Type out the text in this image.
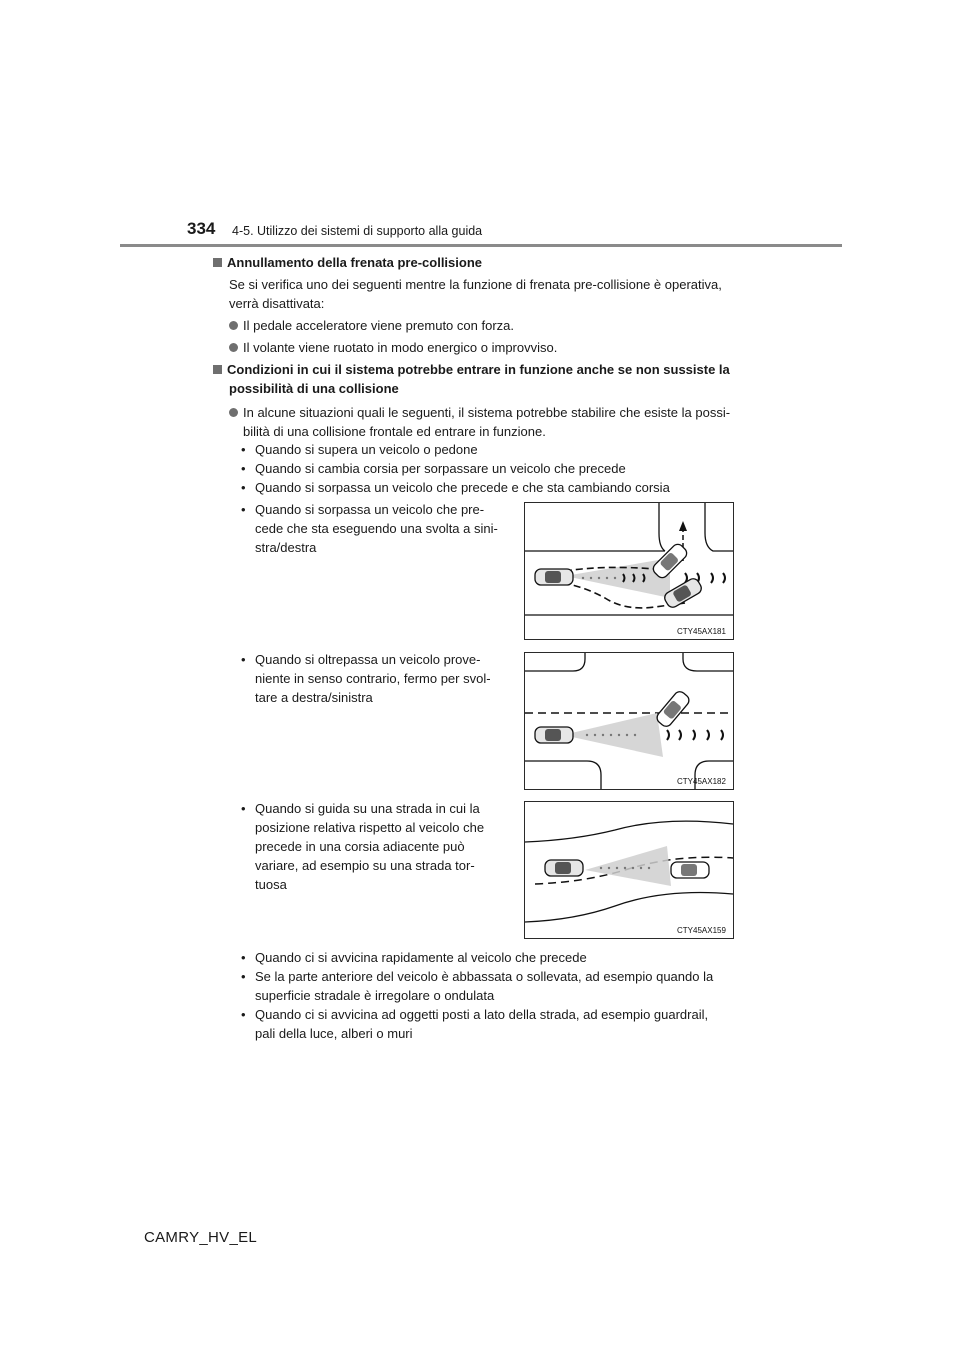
334 4-5. Utilizzo dei sistemi di supporto alla guida
Annullamento della frenata pre-collisione
Se si verifica uno dei seguenti mentre la funzione di frenata pre-collisione è operativa,
verrà disattivata:
Il pedale acceleratore viene premuto con forza.
Il volante viene ruotato in modo energico o improvviso.
Condizioni in cui il sistema potrebbe entrare in funzione anche se non sussiste la
possibilità di una collisione
In alcune situazioni quali le seguenti, il sistema potrebbe stabilire che esiste la possi-
bilità di una collisione frontale ed entrare in funzione.
• Quando si supera un veicolo o pedone
• Quando si cambia corsia per sorpassare un veicolo che precede
• Quando si sorpassa un veicolo che precede e che sta cambiando corsia
• Quando si sorpassa un veicolo che pre-
cede che sta eseguendo una svolta a sini-
stra/destra
CTY45AX181
• Quando si oltrepassa un veicolo prove-
niente in senso contrario, fermo per svol-
tare a destra/sinistra
CTY45AX182
• Quando si guida su una strada in cui la
posizione relativa rispetto al veicolo che
precede in una corsia adiacente può
variare, ad esempio su una strada tor-
tuosa
CTY45AX159
• Quando ci si avvicina rapidamente al veicolo che precede
• Se la parte anteriore del veicolo è abbassata o sollevata, ad esempio quando la
superficie stradale è irregolare o ondulata
• Quando ci si avvicina ad oggetti posti a lato della strada, ad esempio guardrail,
pali della luce, alberi o muri
CAMRY_HV_EL
